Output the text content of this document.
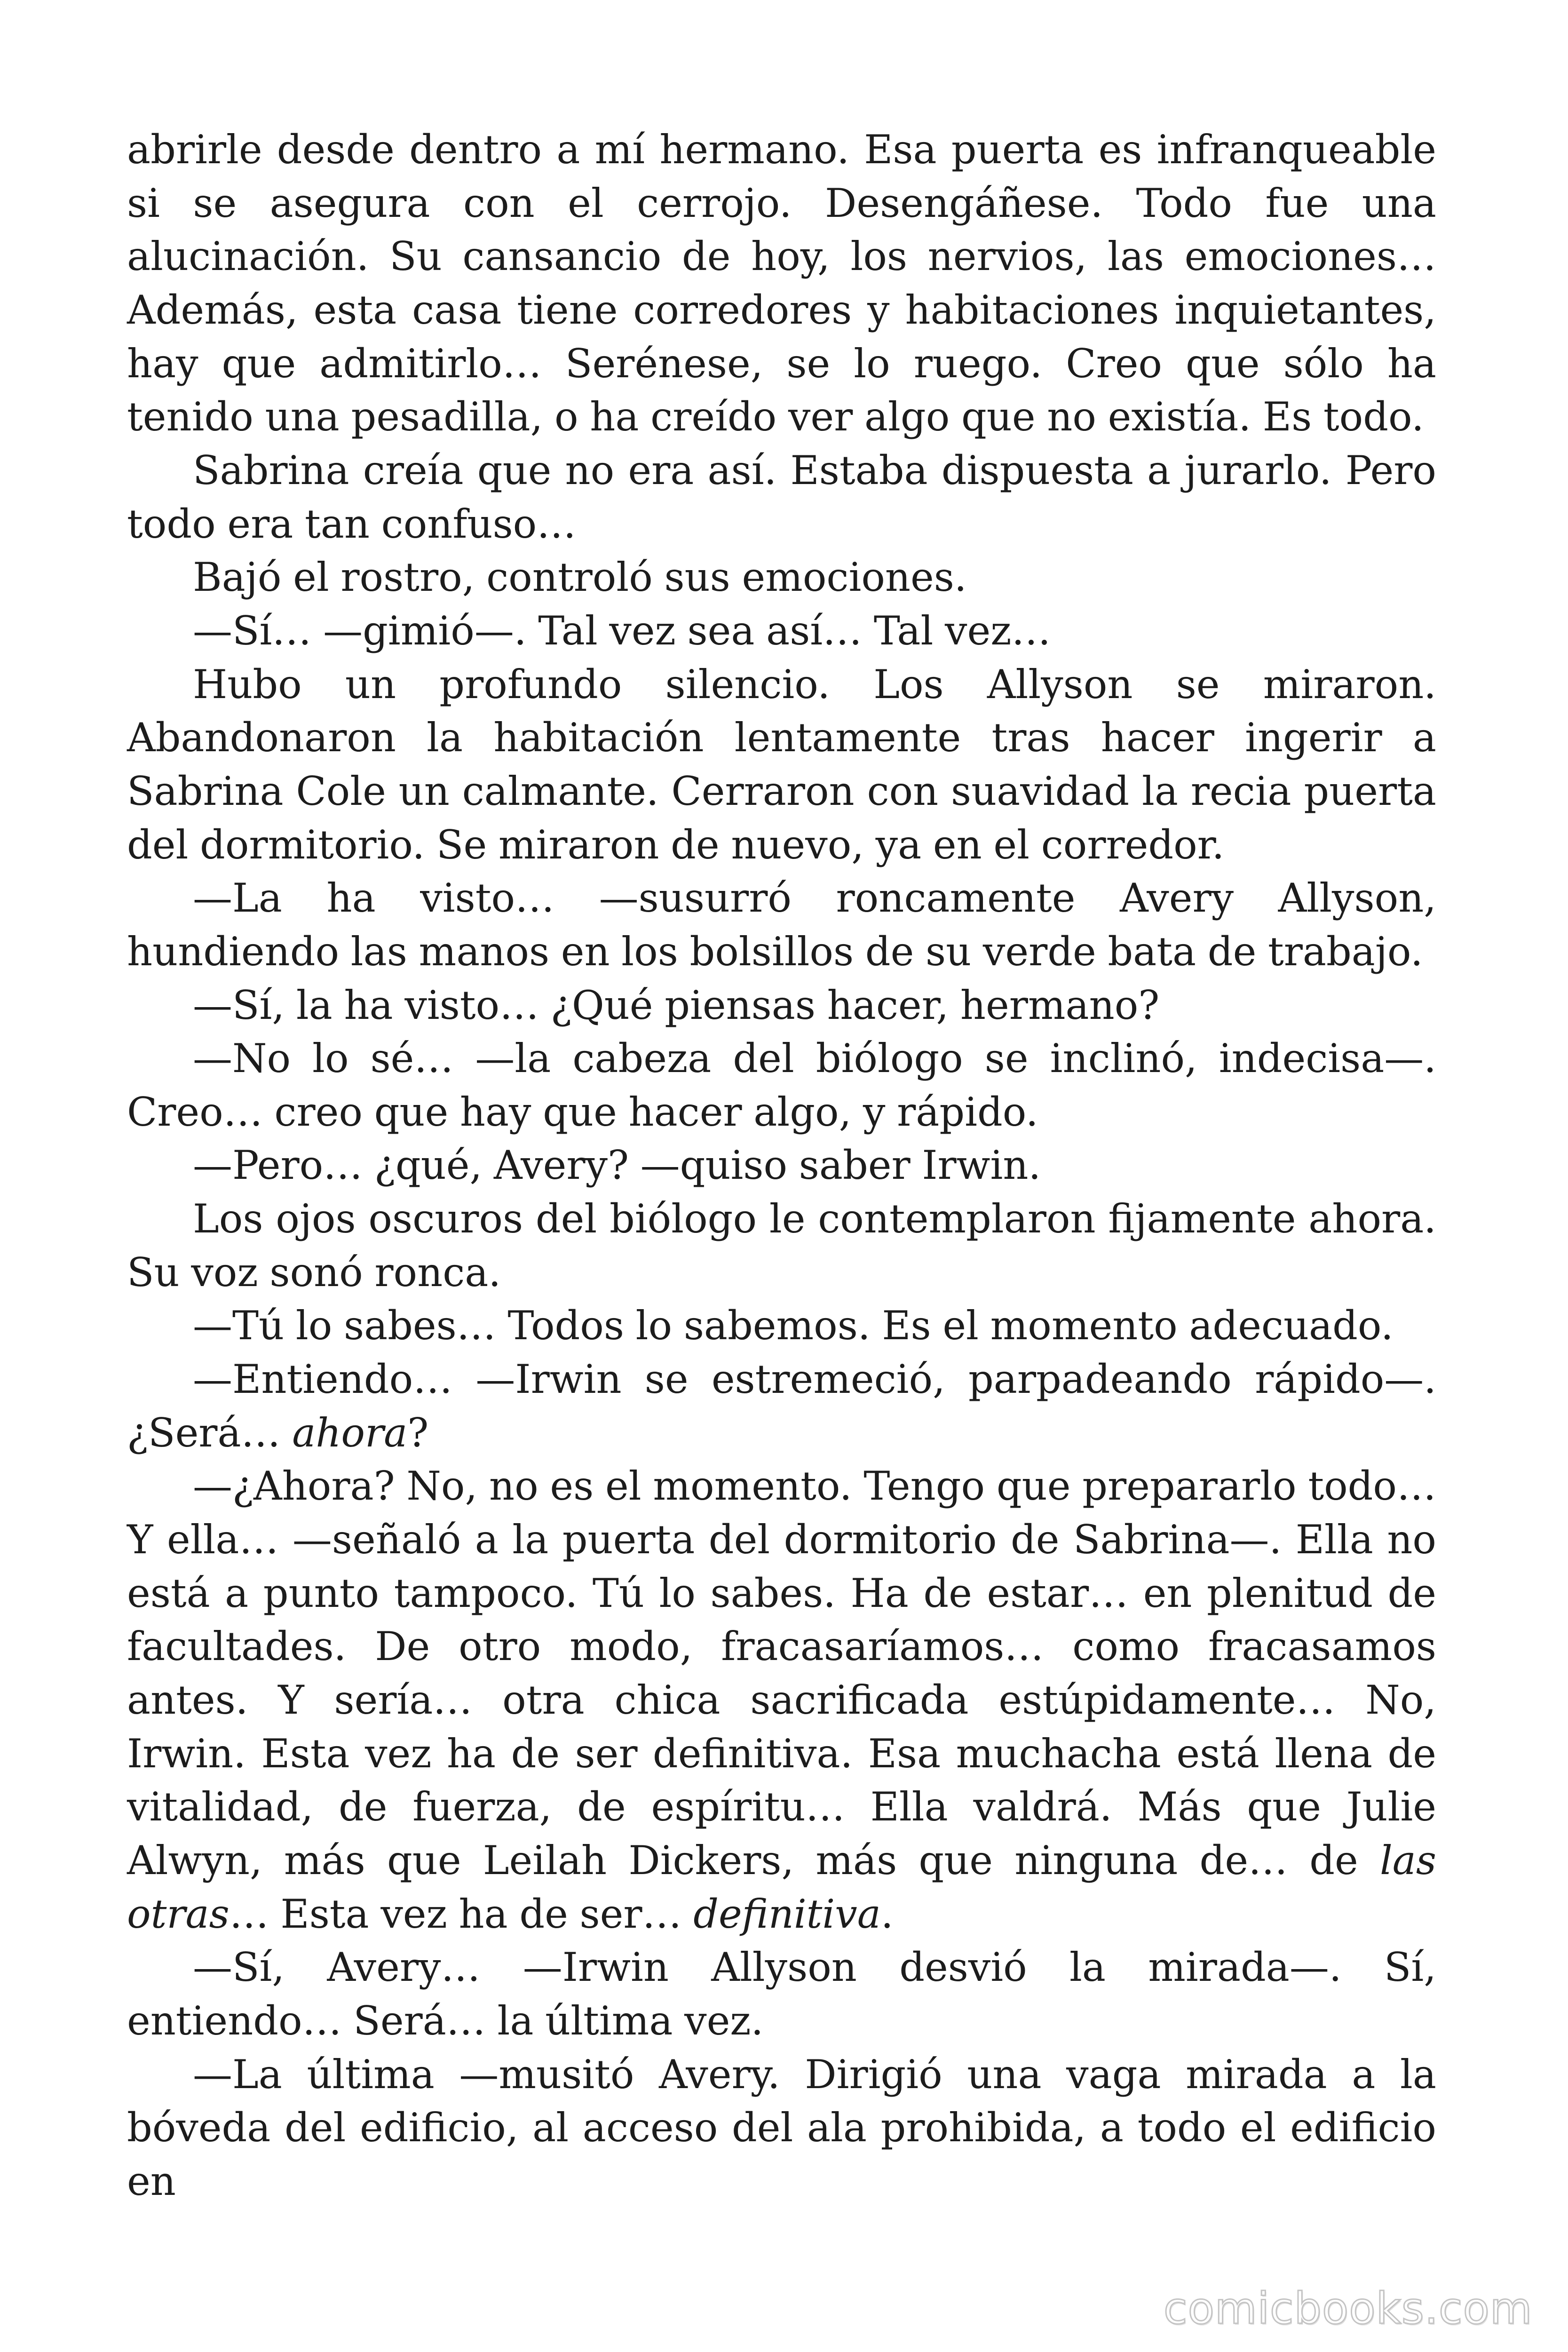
abrirle desde dentro a mí hermano. Esa puerta es infranqueable si se asegura con el cerrojo. Desengáñese. Todo fue una alucinación. Su cansancio de hoy, los nervios, las emociones… Además, esta casa tiene corredores y habitaciones inquietantes, hay que admitirlo… Serénese, se lo ruego. Creo que sólo ha tenido una pesadilla, o ha creído ver algo que no existía. Es todo.

Sabrina creía que no era así. Estaba dispuesta a jurarlo. Pero todo era tan confuso…

Bajó el rostro, controló sus emociones.

—Sí… —gimió—. Tal vez sea así… Tal vez…

Hubo un profundo silencio. Los Allyson se miraron. Abandonaron la habitación lentamente tras hacer ingerir a Sabrina Cole un calmante. Cerraron con suavidad la recia puerta del dormitorio. Se miraron de nuevo, ya en el corredor.

—La ha visto… —susurró roncamente Avery Allyson, hundiendo las manos en los bolsillos de su verde bata de trabajo.

—Sí, la ha visto… ¿Qué piensas hacer, hermano?

—No lo sé… —la cabeza del biólogo se inclinó, indecisa—. Creo… creo que hay que hacer algo, y rápido.

—Pero… ¿qué, Avery? —quiso saber Irwin.

Los ojos oscuros del biólogo le contemplaron fijamente ahora. Su voz sonó ronca.

—Tú lo sabes… Todos lo sabemos. Es el momento adecuado.

—Entiendo… —Irwin se estremeció, parpadeando rápido—. ¿Será… ahora?

—¿Ahora? No, no es el momento. Tengo que prepararlo todo… Y ella… —señaló a la puerta del dormitorio de Sabrina—. Ella no está a punto tampoco. Tú lo sabes. Ha de estar… en plenitud de facultades. De otro modo, fracasaríamos… como fracasamos antes. Y sería… otra chica sacrificada estúpidamente… No, Irwin. Esta vez ha de ser definitiva. Esa muchacha está llena de vitalidad, de fuerza, de espíritu… Ella valdrá. Más que Julie Alwyn, más que Leilah Dickers, más que ninguna de… de las otras… Esta vez ha de ser… definitiva.

—Sí, Avery… —Irwin Allyson desvió la mirada—. Sí, entiendo… Será… la última vez.

—La última —musitó Avery. Dirigió una vaga mirada a la bóveda del edificio, al acceso del ala prohibida, a todo el edificio en

comicbooks.com
